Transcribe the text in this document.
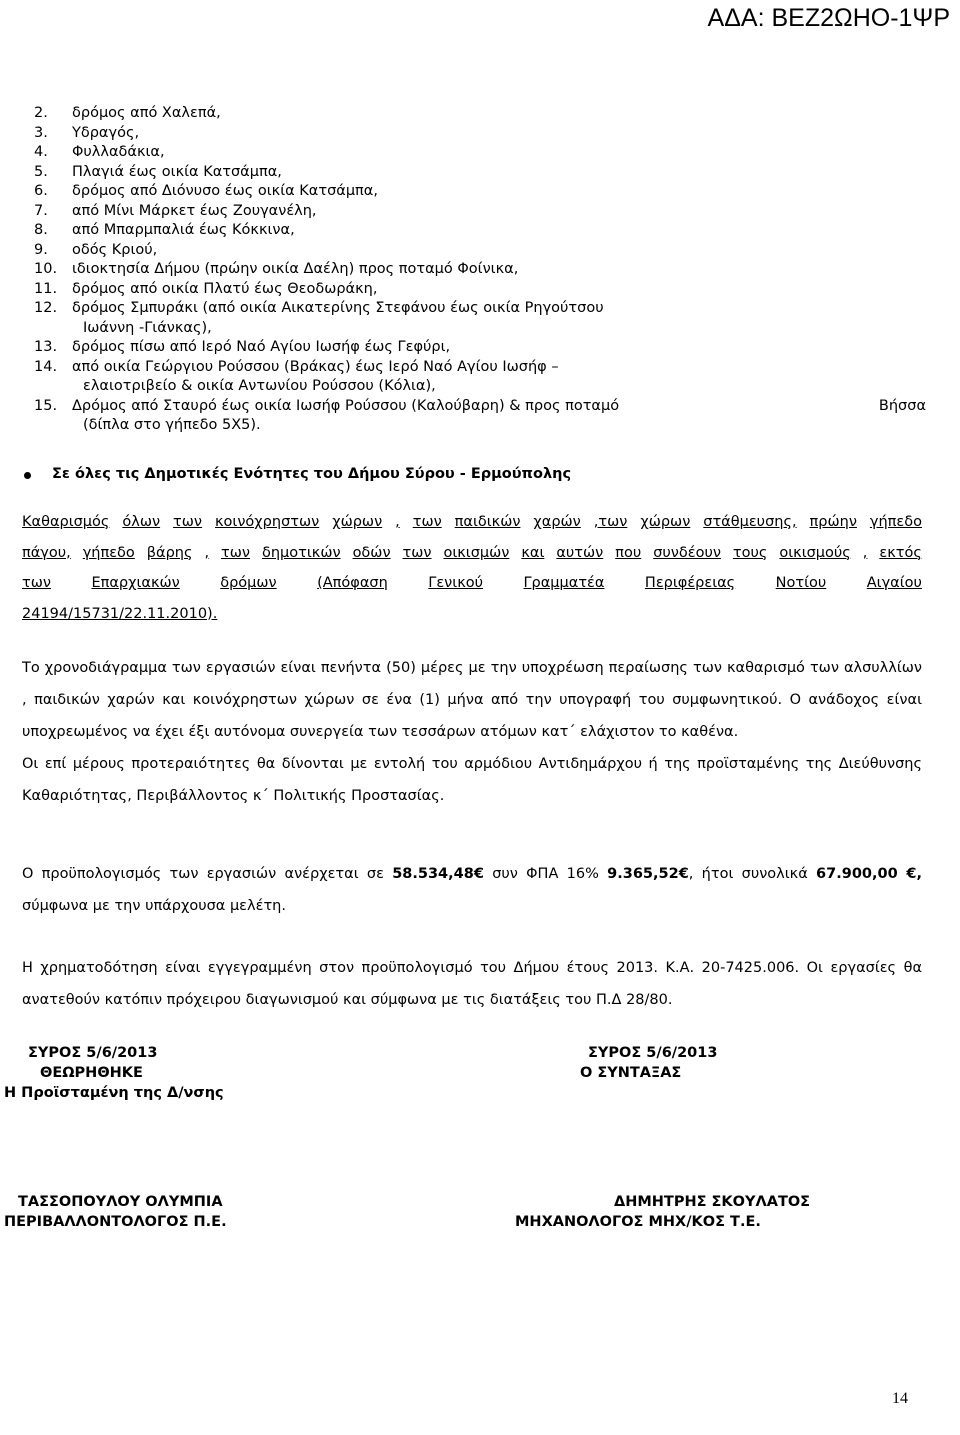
ΑΔΑ: ΒΕΖ2ΩΗΟ-1ΨΡ
2. δρόμος από Χαλεπά,
3. Υδραγός,
4. Φυλλαδάκια,
5. Πλαγιά έως οικία Κατσάμπα,
6. δρόμος από Διόνυσο έως οικία Κατσάμπα,
7. από Μίνι Μάρκετ έως Ζουγανέλη,
8. από Μπαρμπαλιά έως Κόκκινα,
9. οδός Κριού,
10. ιδιοκτησία Δήμου (πρώην οικία Δαέλη) προς ποταμό Φοίνικα,
11. δρόμος από οικία Πλατύ έως Θεοδωράκη,
12. δρόμος Σμπυράκι (από οικία Αικατερίνης Στεφάνου έως οικία Ρηγούτσου
Ιωάννη -Γιάνκας),
13. δρόμος πίσω από Ιερό Ναό Αγίου Ιωσήφ έως Γεφύρι,
14. από οικία Γεώργιου Ρούσσου (Βράκας) έως Ιερό Ναό Αγίου Ιωσήφ –
ελαιοτριβείο & οικία Αντωνίου Ρούσσου (Κόλια),
15. Δρόμος από Σταυρό έως οικία Ιωσήφ Ρούσσου (Καλούβαρη) & προς ποταμό	Βήσσα
(δίπλα στο γήπεδο 5Χ5).
Σε όλες τις Δημοτικές Ενότητες του Δήμου Σύρου - Ερμούπολης
Καθαρισμός όλων των κοινόχρηστων χώρων , των παιδικών χαρών ,των χώρων στάθμευσης, πρώην γήπεδο
πάγου, γήπεδο βάρης , των δημοτικών οδών των οικισμών και αυτών που συνδέουν τους οικισμούς , εκτός
των	Επαρχιακών	δρόμων	(Απόφαση	Γενικού	Γραμματέα	Περιφέρειας	Νοτίου	Αιγαίου
24194/15731/22.11.2010).
Το χρονοδιάγραμμα των εργασιών είναι πενήντα (50) μέρες με την υποχρέωση περαίωσης των καθαρισμό των αλσυλλίων , παιδικών χαρών και κοινόχρηστων χώρων σε ένα (1) μήνα από την υπογραφή του συμφωνητικού. Ο ανάδοχος είναι υποχρεωμένος να έχει έξι αυτόνομα συνεργεία των τεσσάρων ατόμων κατ΄ ελάχιστον το καθένα.
Οι επί μέρους προτεραιότητες θα δίνονται με εντολή του αρμόδιου Αντιδημάρχου ή της προϊσταμένης της Διεύθυνσης Καθαριότητας, Περιβάλλοντος κ΄ Πολιτικής Προστασίας.
Ο προϋπολογισμός των εργασιών ανέρχεται σε 58.534,48€ συν ΦΠΑ 16% 9.365,52€, ήτοι συνολικά 67.900,00 €, σύμφωνα με την υπάρχουσα μελέτη.
Η χρηματοδότηση είναι εγγεγραμμένη στον προϋπολογισμό του Δήμου έτους 2013. Κ.Α. 20-7425.006. Οι εργασίες θα ανατεθούν κατόπιν πρόχειρου διαγωνισμού και σύμφωνα με τις διατάξεις του Π.Δ 28/80.
ΣΥΡΟΣ 5/6/2013
ΘΕΩΡΗΘΗΚΕ
Η Προϊσταμένη της Δ/νσης
ΣΥΡΟΣ 5/6/2013
Ο ΣΥΝΤΑΞΑΣ
ΤΑΣΣΟΠΟΥΛΟΥ ΟΛΥΜΠΙΑ
ΠΕΡΙΒΑΛΛΟΝΤΟΛΟΓΟΣ Π.Ε.
ΔΗΜΗΤΡΗΣ ΣΚΟΥΛΑΤΟΣ
ΜΗΧΑΝΟΛΟΓΟΣ ΜΗΧ/ΚΟΣ Τ.Ε.
14
